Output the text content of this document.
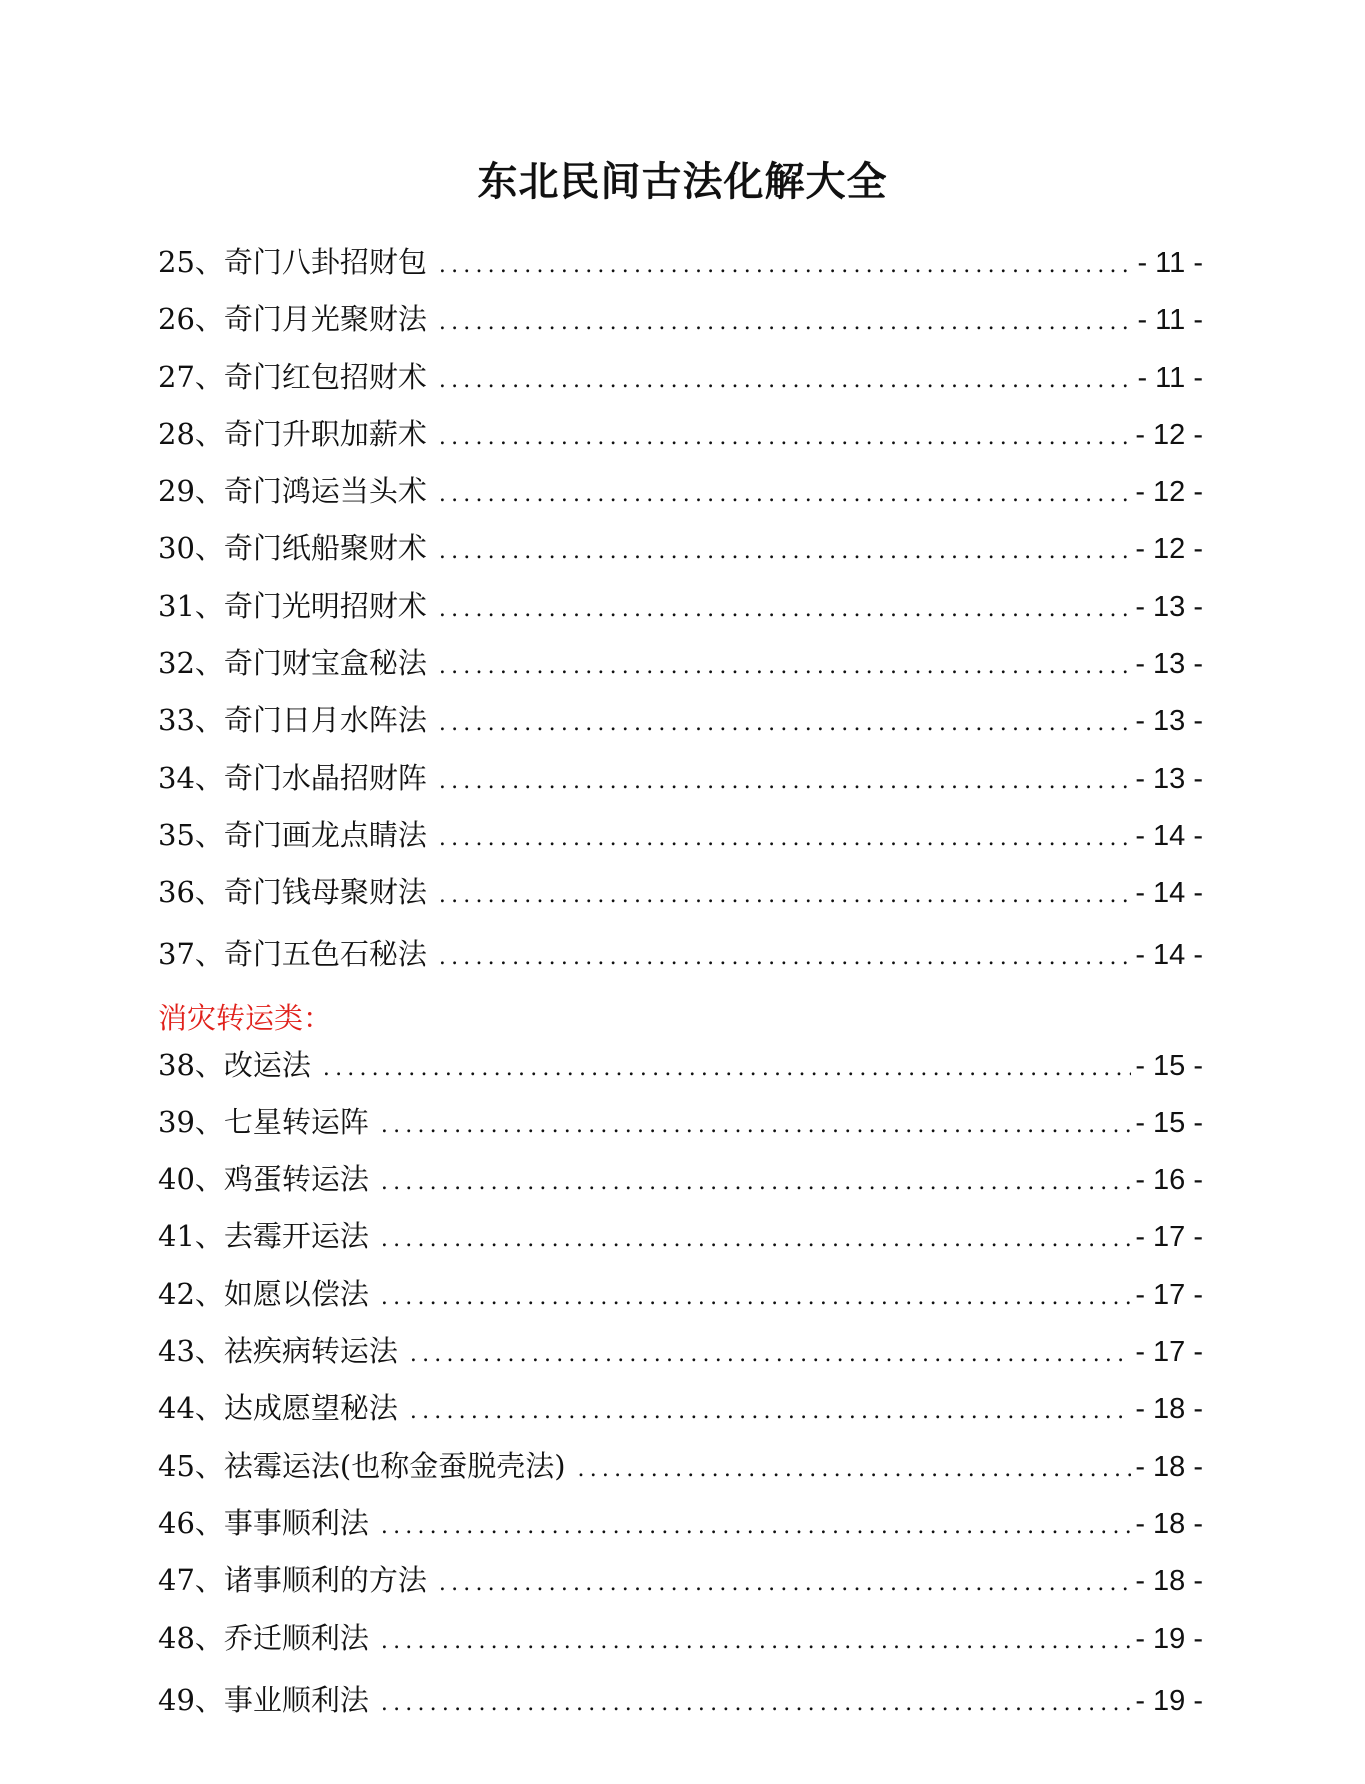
东北民间古法化解大全
25、奇门八卦招财包 .....	- 11 -
26、奇门月光聚财法 .....	- 11 -
27、奇门红包招财术 .....	- 11 -
28、奇门升职加薪术 .....	- 12 -
29、奇门鸿运当头术 .....	- 12 -
30、奇门纸船聚财术 .....	- 12 -
31、奇门光明招财术 .....	- 13 -
32、奇门财宝盒秘法 .....	- 13 -
33、奇门日月水阵法 .....	- 13 -
34、奇门水晶招财阵 .....	- 13 -
35、奇门画龙点睛法 .....	- 14 -
36、奇门钱母聚财法 .....	- 14 -
37、奇门五色石秘法 .....	- 14 -
消灾转运类：
38、改运法 .....	- 15 -
39、七星转运阵 .....	- 15 -
40、鸡蛋转运法 .....	- 16 -
41、去霉开运法 .....	- 17 -
42、如愿以偿法 .....	- 17 -
43、祛疾病转运法 .....	- 17 -
44、达成愿望秘法 .....	- 18 -
45、祛霉运法(也称金蚕脱壳法) .....	- 18 -
46、事事顺利法 .....	- 18 -
47、诸事顺利的方法 .....	- 18 -
48、乔迁顺利法 .....	- 19 -
49、事业顺利法 .....	- 19 -
